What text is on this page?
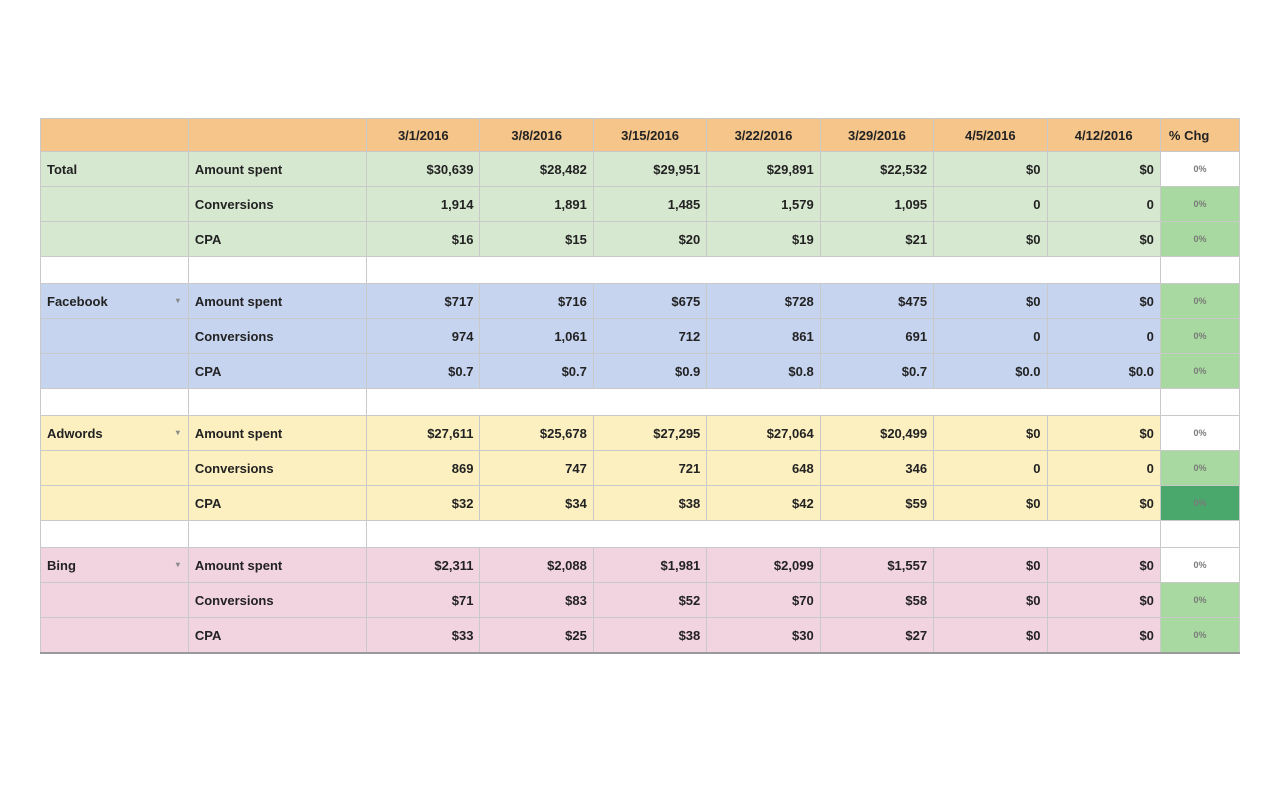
		3/1/2016	3/8/2016	3/15/2016	3/22/2016	3/29/2016	4/5/2016	4/12/2016	% Chg
Total	Amount spent	$30,639	$28,482	$29,951	$29,891	$22,532	$0	$0	0%
	Conversions	1,914	1,891	1,485	1,579	1,095	0	0	0%
	CPA	$16	$15	$20	$19	$21	$0	$0	0%

Facebook ▾	Amount spent	$717	$716	$675	$728	$475	$0	$0	0%
	Conversions	974	1,061	712	861	691	0	0	0%
	CPA	$0.7	$0.7	$0.9	$0.8	$0.7	$0.0	$0.0	0%

Adwords ▾	Amount spent	$27,611	$25,678	$27,295	$27,064	$20,499	$0	$0	0%
	Conversions	869	747	721	648	346	0	0	0%
	CPA	$32	$34	$38	$42	$59	$0	$0	0%

Bing ▾	Amount spent	$2,311	$2,088	$1,981	$2,099	$1,557	$0	$0	0%
	Conversions	$71	$83	$52	$70	$58	$0	$0	0%
	CPA	$33	$25	$38	$30	$27	$0	$0	0%
